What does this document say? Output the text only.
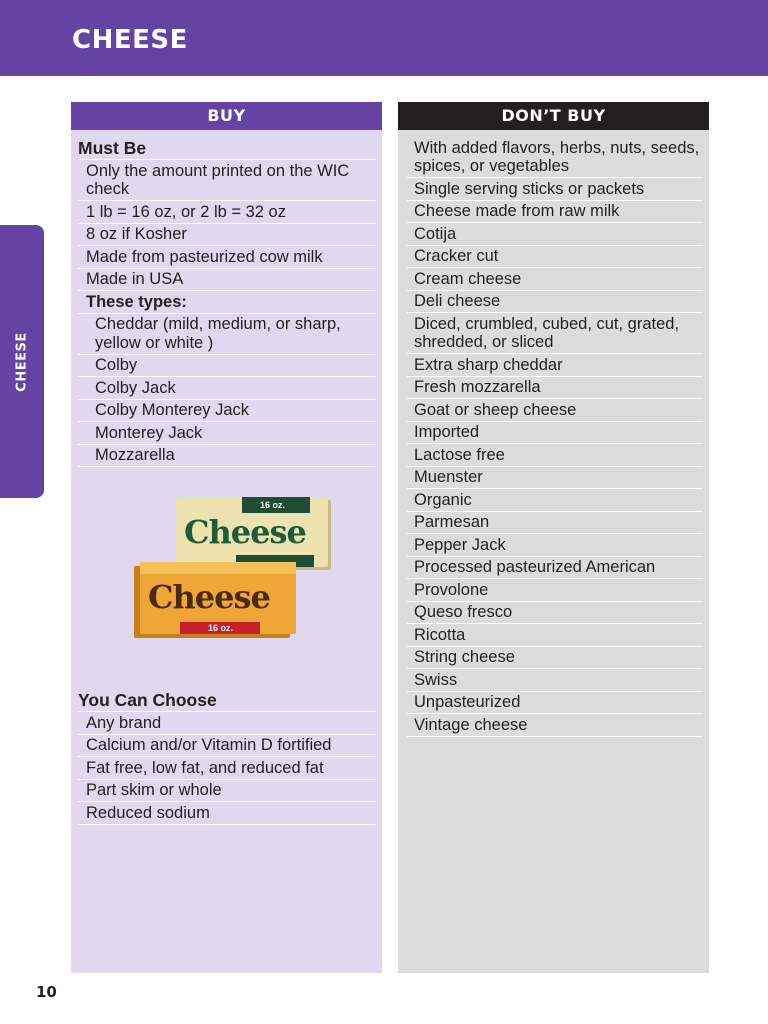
CHEESE
CHEESE
BUY
Must Be
Only the amount printed on the WIC check
1 lb = 16 oz, or 2 lb = 32 oz
8 oz if Kosher
Made from pasteurized cow milk
Made in USA
These types:
Cheddar (mild, medium, or sharp, yellow or white )
Colby
Colby Jack
Colby Monterey Jack
Monterey Jack
Mozzarella
16 oz.
Cheese
Cheese
16 oz.
You Can Choose
Any brand
Calcium and/or Vitamin D fortified
Fat free, low fat, and reduced fat
Part skim or whole
Reduced sodium
DON’T BUY
With added flavors, herbs, nuts, seeds, spices, or vegetables
Single serving sticks or packets
Cheese made from raw milk
Cotija
Cracker cut
Cream cheese
Deli cheese
Diced, crumbled, cubed, cut, grated, shredded, or sliced
Extra sharp cheddar
Fresh mozzarella
Goat or sheep cheese
Imported
Lactose free
Muenster
Organic
Parmesan
Pepper Jack
Processed pasteurized American
Provolone
Queso fresco
Ricotta
String cheese
Swiss
Unpasteurized
Vintage cheese
10
